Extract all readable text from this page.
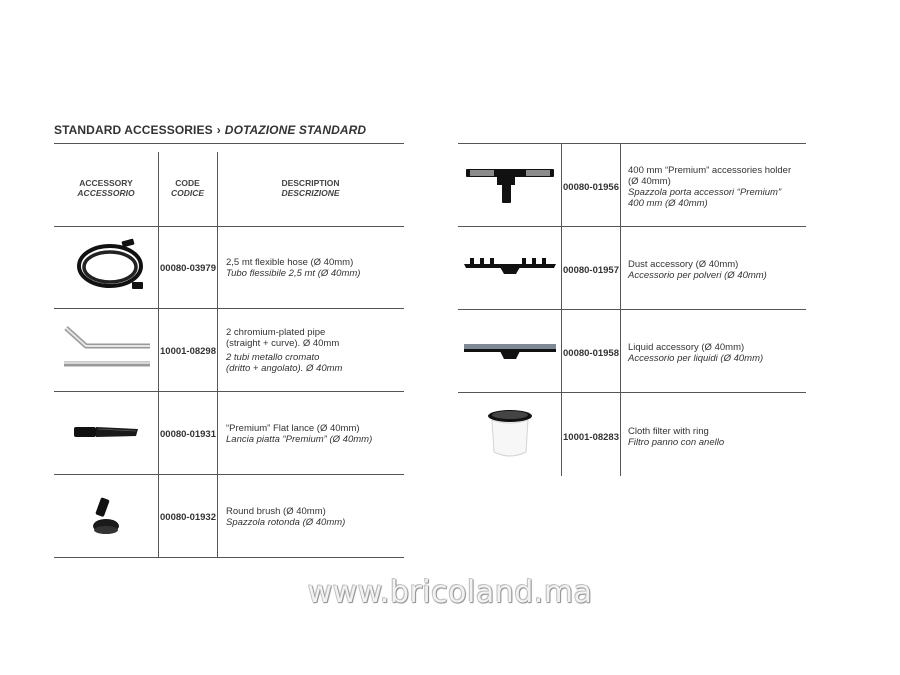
STANDARD ACCESSORIES › DOTAZIONE STANDARD
ACCESSORY
ACCESSORIO
CODE
CODICE
DESCRIPTION
DESCRIZIONE
00080-03979
2,5 mt flexible hose (Ø 40mm)
Tubo flessibile 2,5 mt (Ø 40mm)
10001-08298
2 chromium-plated pipe
(straight + curve). Ø 40mm
2 tubi metallo cromato
(dritto + angolato). Ø 40mm
00080-01931
“Premium” Flat lance (Ø 40mm)
Lancia piatta “Premium” (Ø 40mm)
00080-01932
Round brush (Ø 40mm)
Spazzola rotonda (Ø 40mm)
00080-01956
400 mm “Premium” accessories holder
(Ø 40mm)
Spazzola porta accessori “Premium”
400 mm (Ø 40mm)
00080-01957
Dust accessory (Ø 40mm)
Accessorio per polveri (Ø 40mm)
00080-01958
Liquid accessory (Ø 40mm)
Accessorio per liquidi (Ø 40mm)
10001-08283
Cloth filter with ring
Filtro panno con anello
www.bricoland.ma
